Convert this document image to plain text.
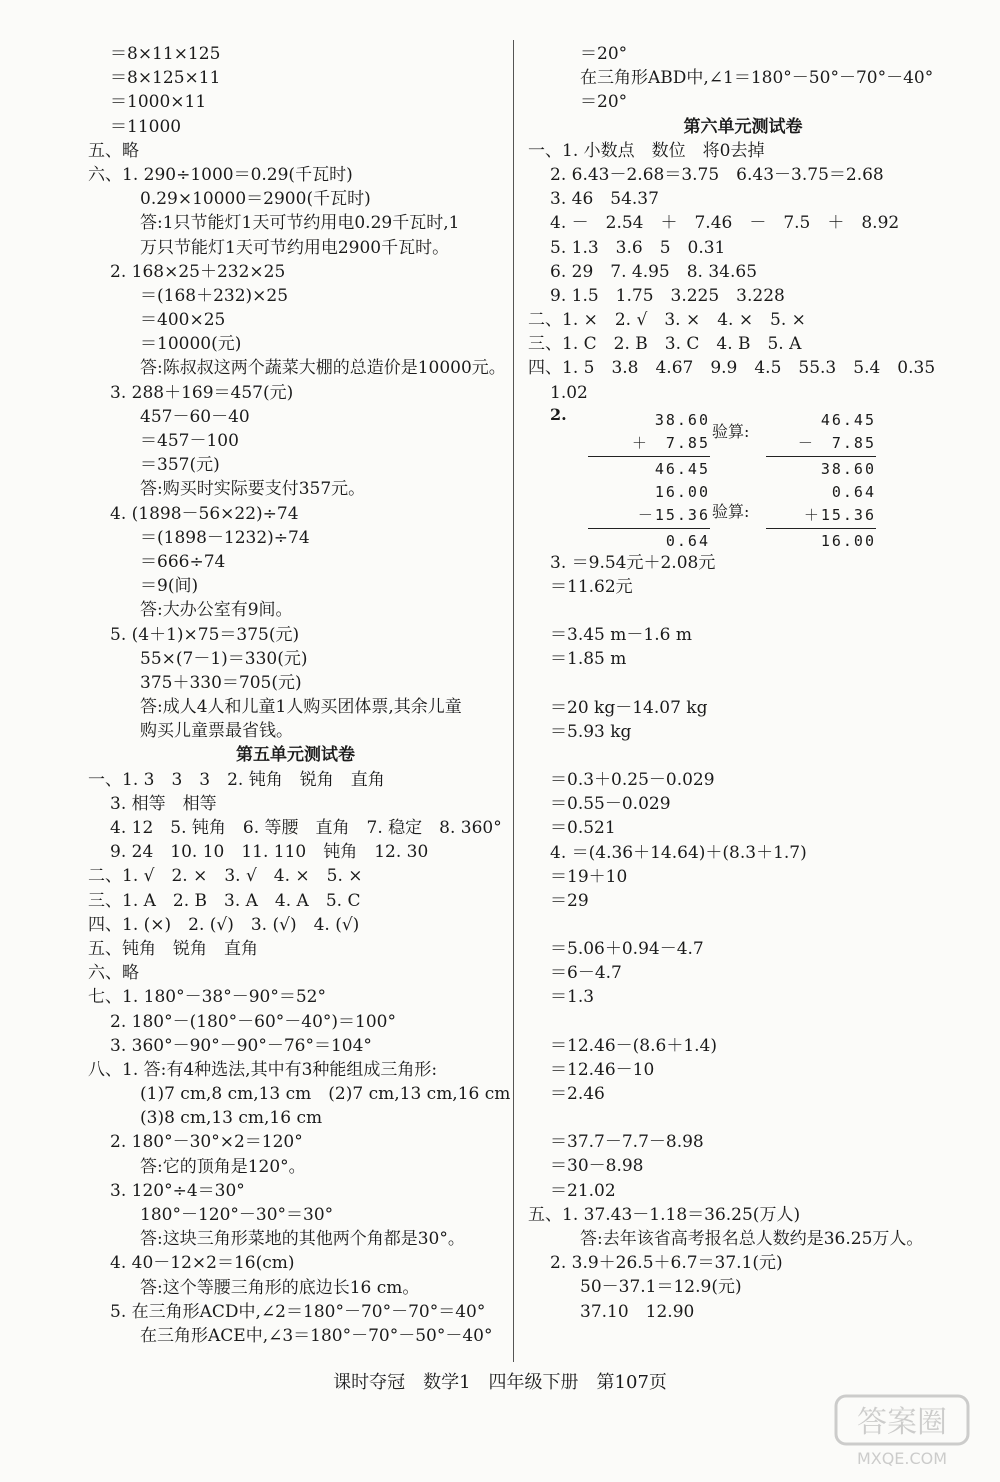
＝8×11×125
＝8×125×11
＝1000×11
＝11000
五、略
六、1. 290÷1000＝0.29(千瓦时)
0.29×10000＝2900(千瓦时)
答:1只节能灯1天可节约用电0.29千瓦时,1
万只节能灯1天可节约用电2900千瓦时。
2. 168×25＋232×25
＝(168＋232)×25
＝400×25
＝10000(元)
答:陈叔叔这两个蔬菜大棚的总造价是10000元。
3. 288＋169＝457(元)
457－60－40
＝457－100
＝357(元)
答:购买时实际要支付357元。
4. (1898－56×22)÷74
＝(1898－1232)÷74
＝666÷74
＝9(间)
答:大办公室有9间。
5. (4＋1)×75＝375(元)
55×(7－1)＝330(元)
375＋330＝705(元)
答:成人4人和儿童1人购买团体票,其余儿童
购买儿童票最省钱。
第五单元测试卷
一、1. 3　3　3　2. 钝角　锐角　直角
3. 相等　相等
4. 12　5. 钝角　6. 等腰　直角　7. 稳定　8. 360°
9. 24　10. 10　11. 110　钝角　12. 30
二、1. √　2. ×　3. √　4. ×　5. ×
三、1. A　2. B　3. A　4. A　5. C
四、1. (×)　2. (√)　3. (√)　4. (√)
五、钝角　锐角　直角
六、略
七、1. 180°－38°－90°＝52°
2. 180°－(180°－60°－40°)＝100°
3. 360°－90°－90°－76°＝104°
八、1. 答:有4种选法,其中有3种能组成三角形:
(1)7 cm,8 cm,13 cm　(2)7 cm,13 cm,16 cm
(3)8 cm,13 cm,16 cm
2. 180°－30°×2＝120°
答:它的顶角是120°。
3. 120°÷4＝30°
180°－120°－30°＝30°
答:这块三角形菜地的其他两个角都是30°。
4. 40－12×2＝16(cm)
答:这个等腰三角形的底边长16 cm。
5. 在三角形ACD中,∠2＝180°－70°－70°＝40°
在三角形ACE中,∠3＝180°－70°－50°－40°
＝20°
在三角形ABD中,∠1＝180°－50°－70°－40°
＝20°
第六单元测试卷
一、1. 小数点　数位　将0去掉
2. 6.43－2.68＝3.75　6.43－3.75＝2.68
3. 46　54.37
4. －　2.54　＋　7.46　－　7.5　＋　8.92
5. 1.3　3.6　5　0.31
6. 29　7. 4.95　8. 34.65
9. 1.5　1.75　3.225　3.228
二、1. ×　2. √　3. ×　4. ×　5. ×
三、1. C　2. B　3. C　4. B　5. A
四、1. 5　3.8　4.67　9.9　4.5　55.3　5.4　0.35
1.02
2.	38.60
＋　7.85
46.45
验算:
46.45
－　7.85
38.60
16.00
－15.36
0.64
验算:
0.64
＋15.36
16.00
3. ＝9.54元＋2.08元
＝11.62元
＝3.45 m－1.6 m
＝1.85 m
＝20 kg－14.07 kg
＝5.93 kg
＝0.3＋0.25－0.029
＝0.55－0.029
＝0.521
4. ＝(4.36＋14.64)＋(8.3＋1.7)
＝19＋10
＝29
＝5.06＋0.94－4.7
＝6－4.7
＝1.3
＝12.46－(8.6＋1.4)
＝12.46－10
＝2.46
＝37.7－7.7－8.98
＝30－8.98
＝21.02
五、1. 37.43－1.18＝36.25(万人)
答:去年该省高考报名总人数约是36.25万人。
2. 3.9＋26.5＋6.7＝37.1(元)
50－37.1＝12.9(元)
37.10　12.90
课时夺冠　数学1　四年级下册　第107页
答案圈
MXQE.COM
